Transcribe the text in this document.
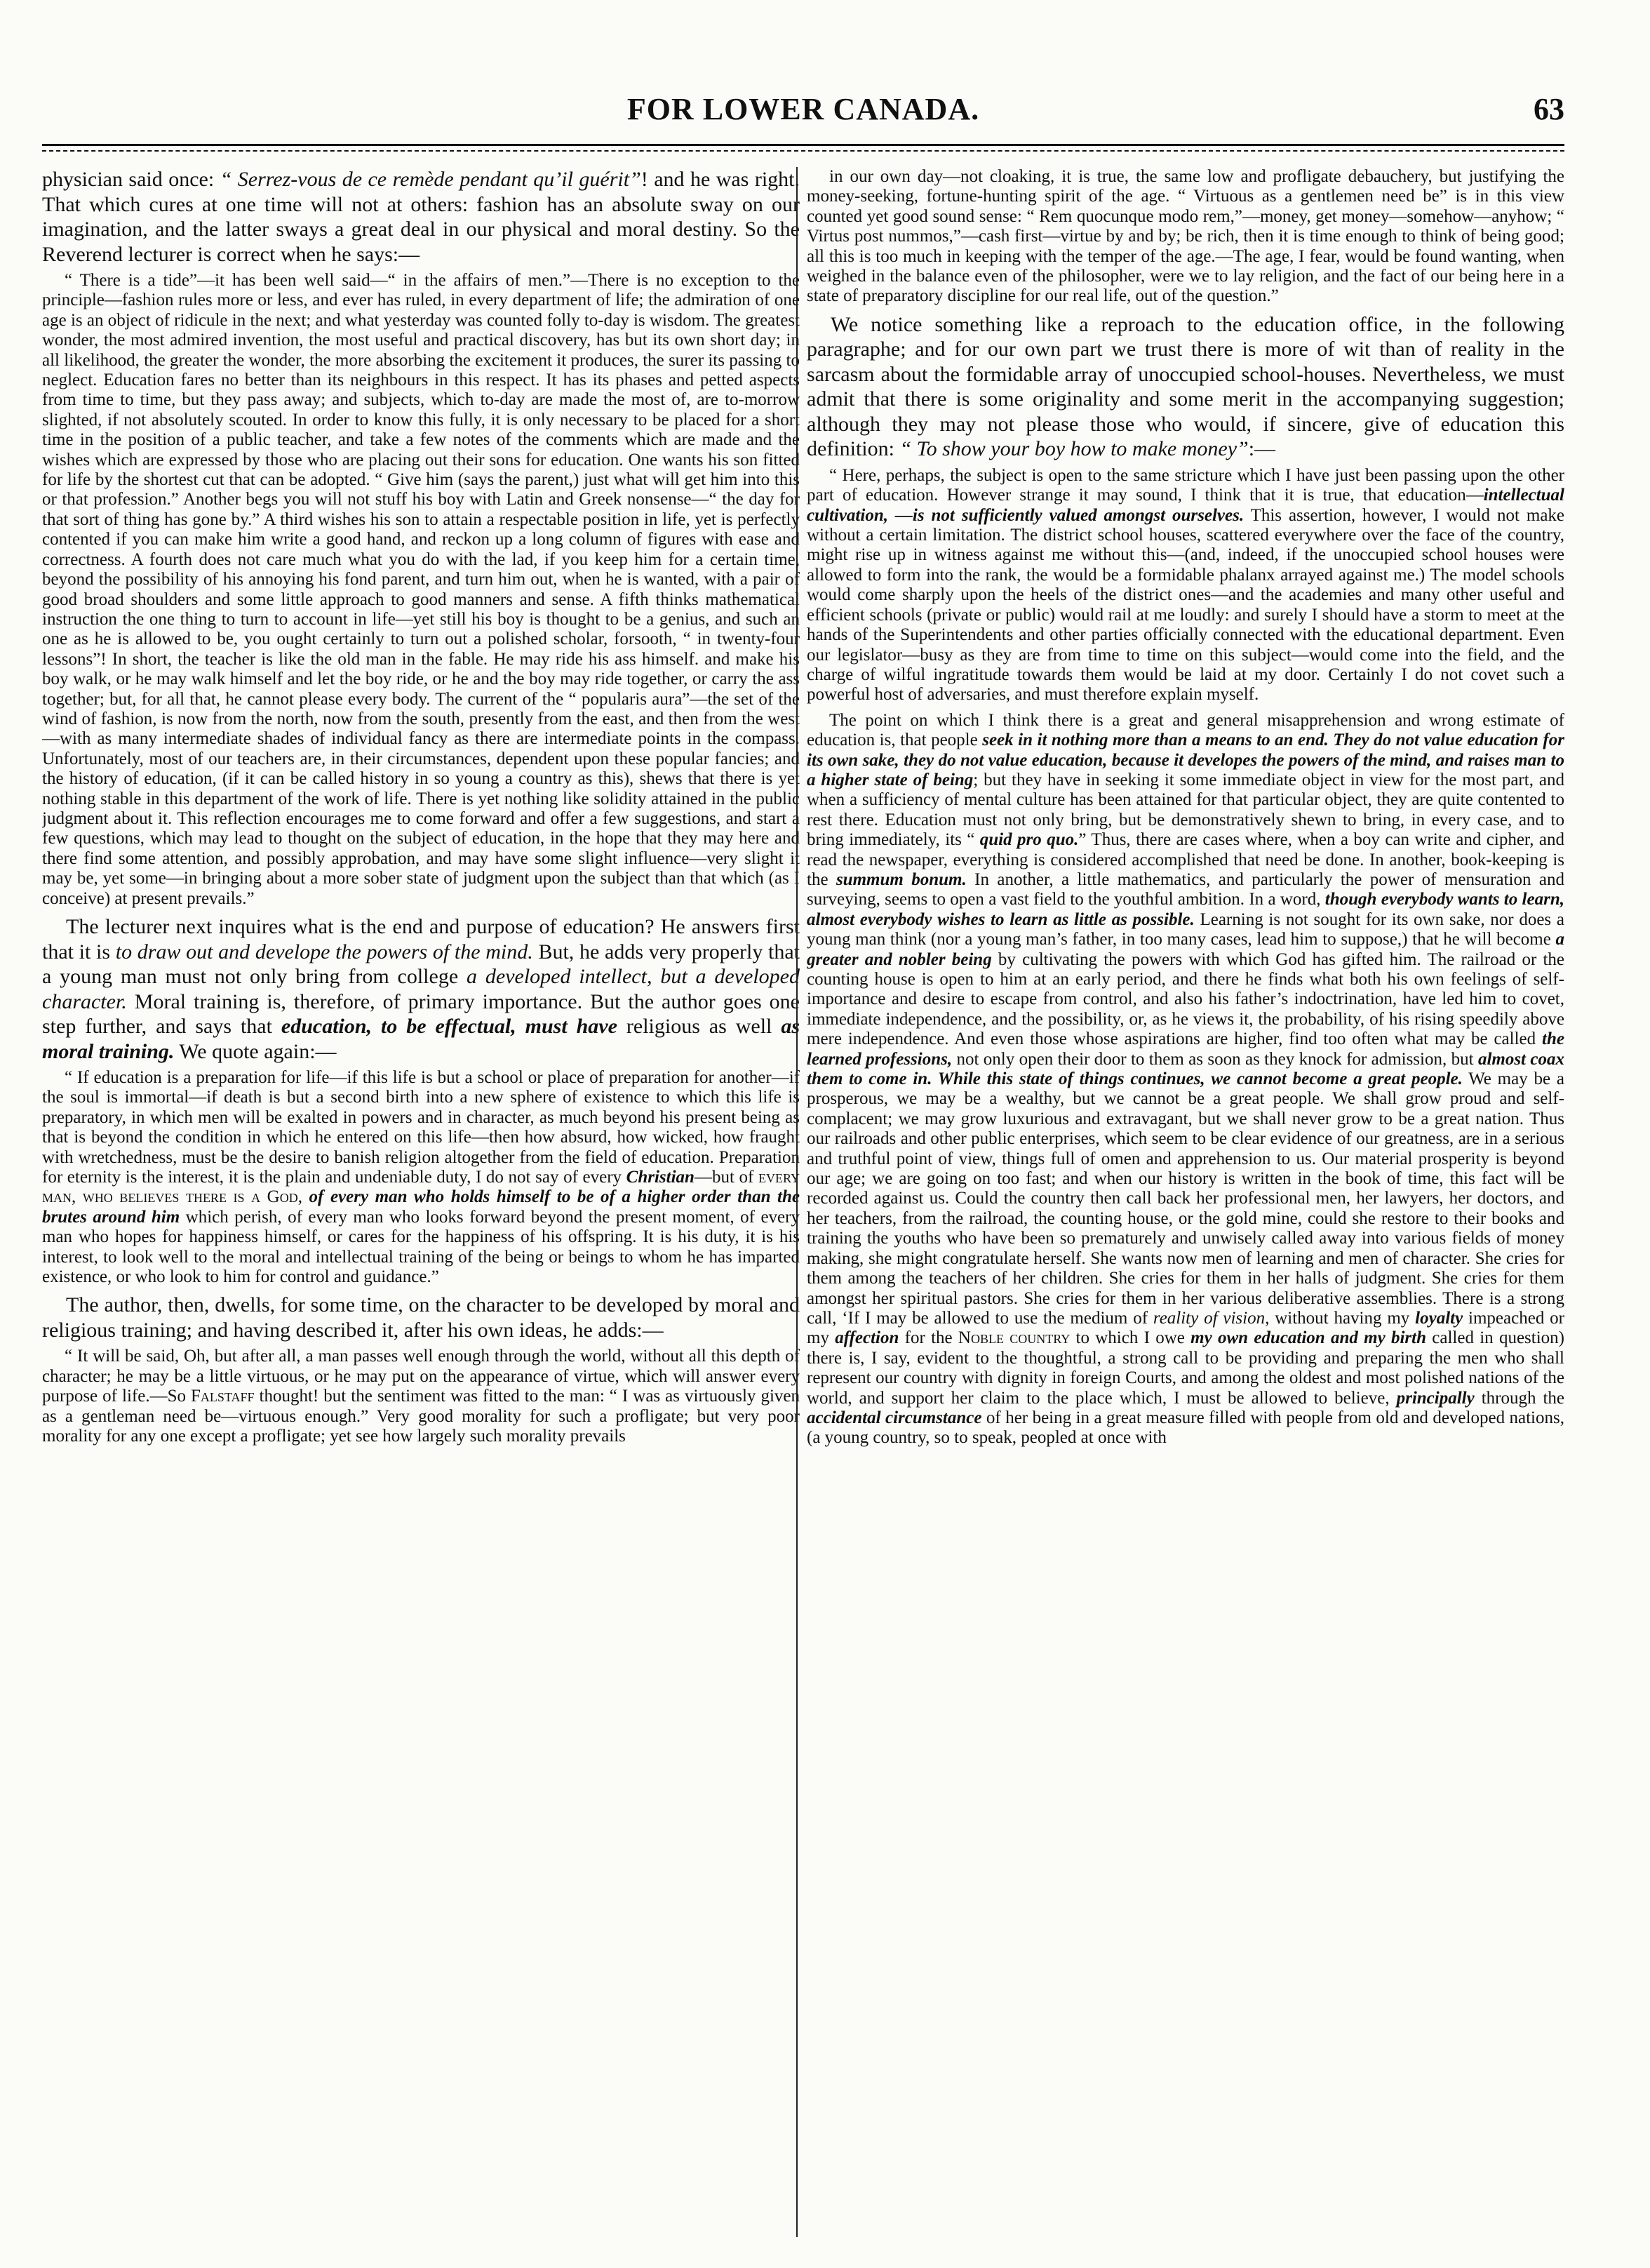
FOR LOWER CANADA.	63

physician said once: “ Serrez-vous de ce remède pendant qu’il guérit”! and he was right. That which cures at one time will not at others: fashion has an absolute sway on our imagination, and the latter sways a great deal in our physical and moral destiny. So the Reverend lecturer is correct when he says:—

“ There is a tide”—it has been well said—“ in the affairs of men.”—There is no exception to the principle—fashion rules more or less, and ever has ruled, in every department of life; the admiration of one age is an object of ridicule in the next; and what yesterday was counted folly to-day is wisdom. The greatest wonder, the most admired invention, the most useful and practical discovery, has but its own short day; in all likelihood, the greater the wonder, the more absorbing the excitement it produces, the surer its passing to neglect. Education fares no better than its neighbours in this respect. It has its phases and petted aspects from time to time, but they pass away; and subjects, which to-day are made the most of, are to-morrow slighted, if not absolutely scouted. In order to know this fully, it is only necessary to be placed for a short time in the position of a public teacher, and take a few notes of the comments which are made and the wishes which are expressed by those who are placing out their sons for education. One wants his son fitted for life by the shortest cut that can be adopted. “ Give him (says the parent,) just what will get him into this or that profession.” Another begs you will not stuff his boy with Latin and Greek nonsense—“ the day for that sort of thing has gone by.” A third wishes his son to attain a respectable position in life, yet is perfectly contented if you can make him write a good hand, and reckon up a long column of figures with ease and correctness. A fourth does not care much what you do with the lad, if you keep him for a certain time, beyond the possibility of his annoying his fond parent, and turn him out, when he is wanted, with a pair of good broad shoulders and some little approach to good manners and sense. A fifth thinks mathematical instruction the one thing to turn to account in life—yet still his boy is thought to be a genius, and such an one as he is allowed to be, you ought certainly to turn out a polished scholar, forsooth, “ in twenty-four lessons”! In short, the teacher is like the old man in the fable. He may ride his ass himself. and make his boy walk, or he may walk himself and let the boy ride, or he and the boy may ride together, or carry the ass together; but, for all that, he cannot please every body. The current of the “ popularis aura”—the set of the wind of fashion, is now from the north, now from the south, presently from the east, and then from the west—with as many intermediate shades of individual fancy as there are intermediate points in the compass. Unfortunately, most of our teachers are, in their circumstances, dependent upon these popular fancies; and the history of education, (if it can be called history in so young a country as this), shews that there is yet nothing stable in this department of the work of life. There is yet nothing like solidity attained in the public judgment about it. This reflection encourages me to come forward and offer a few suggestions, and start a few questions, which may lead to thought on the subject of education, in the hope that they may here and there find some attention, and possibly approbation, and may have some slight influence—very slight it may be, yet some—in bringing about a more sober state of judgment upon the subject than that which (as I conceive) at present prevails.”

The lecturer next inquires what is the end and purpose of education? He answers first that it is to draw out and develope the powers of the mind. But, he adds very properly that a young man must not only bring from college a developed intellect, but a developed character. Moral training is, therefore, of primary importance. But the author goes one step further, and says that education, to be effectual, must have religious as well as moral training. We quote again:—

“ If education is a preparation for life—if this life is but a school or place of preparation for another—if the soul is immortal—if death is but a second birth into a new sphere of existence to which this life is preparatory, in which men will be exalted in powers and in character, as much beyond his present being as that is beyond the condition in which he entered on this life—then how absurd, how wicked, how fraught with wretchedness, must be the desire to banish religion altogether from the field of education. Preparation for eternity is the interest, it is the plain and undeniable duty, I do not say of every Christian—but of every man, who believes there is a God, of every man who holds himself to be of a higher order than the brutes around him which perish, of every man who looks forward beyond the present moment, of every man who hopes for happiness himself, or cares for the happiness of his offspring. It is his duty, it is his interest, to look well to the moral and intellectual training of the being or beings to whom he has imparted existence, or who look to him for control and guidance.”

The author, then, dwells, for some time, on the character to be developed by moral and religious training; and having described it, after his own ideas, he adds:—

“ It will be said, Oh, but after all, a man passes well enough through the world, without all this depth of character; he may be a little virtuous, or he may put on the appearance of virtue, which will answer every purpose of life.—So Falstaff thought! but the sentiment was fitted to the man: “ I was as virtuously given as a gentleman need be—virtuous enough.” Very good morality for such a profligate; but very poor morality for any one except a profligate; yet see how largely such morality prevails

in our own day—not cloaking, it is true, the same low and profligate debauchery, but justifying the money-seeking, fortune-hunting spirit of the age. “ Virtuous as a gentlemen need be” is in this view counted yet good sound sense: “ Rem quocunque modo rem,”—money, get money—somehow—anyhow; “ Virtus post nummos,”—cash first—virtue by and by; be rich, then it is time enough to think of being good; all this is too much in keeping with the temper of the age.—The age, I fear, would be found wanting, when weighed in the balance even of the philosopher, were we to lay religion, and the fact of our being here in a state of preparatory discipline for our real life, out of the question.”

We notice something like a reproach to the education office, in the following paragraphe; and for our own part we trust there is more of wit than of reality in the sarcasm about the formidable array of unoccupied school-houses. Nevertheless, we must admit that there is some originality and some merit in the accompanying suggestion; although they may not please those who would, if sincere, give of education this definition: “ To show your boy how to make money”:—

“ Here, perhaps, the subject is open to the same stricture which I have just been passing upon the other part of education. However strange it may sound, I think that it is true, that education—intellectual cultivation, —is not sufficiently valued amongst ourselves. This assertion, however, I would not make without a certain limitation. The district school houses, scattered everywhere over the face of the country, might rise up in witness against me without this—(and, indeed, if the unoccupied school houses were allowed to form into the rank, the would be a formidable phalanx arrayed against me.) The model schools would come sharply upon the heels of the district ones—and the academies and many other useful and efficient schools (private or public) would rail at me loudly: and surely I should have a storm to meet at the hands of the Superintendents and other parties officially connected with the educational department. Even our legislator—busy as they are from time to time on this subject—would come into the field, and the charge of wilful ingratitude towards them would be laid at my door. Certainly I do not covet such a powerful host of adversaries, and must therefore explain myself.

The point on which I think there is a great and general misapprehension and wrong estimate of education is, that people seek in it nothing more than a means to an end. They do not value education for its own sake, they do not value education, because it developes the powers of the mind, and raises man to a higher state of being; but they have in seeking it some immediate object in view for the most part, and when a sufficiency of mental culture has been attained for that particular object, they are quite contented to rest there. Education must not only bring, but be demonstratively shewn to bring, in every case, and to bring immediately, its “ quid pro quo.” Thus, there are cases where, when a boy can write and cipher, and read the newspaper, everything is considered accomplished that need be done. In another, book-keeping is the summum bonum. In another, a little mathematics, and particularly the power of mensuration and surveying, seems to open a vast field to the youthful ambition. In a word, though everybody wants to learn, almost everybody wishes to learn as little as possible. Learning is not sought for its own sake, nor does a young man think (nor a young man’s father, in too many cases, lead him to suppose,) that he will become a greater and nobler being by cultivating the powers with which God has gifted him. The railroad or the counting house is open to him at an early period, and there he finds what both his own feelings of self-importance and desire to escape from control, and also his father’s indoctrination, have led him to covet, immediate independence, and the possibility, or, as he views it, the probability, of his rising speedily above mere independence. And even those whose aspirations are higher, find too often what may be called the learned professions, not only open their door to them as soon as they knock for admission, but almost coax them to come in. While this state of things continues, we cannot become a great people. We may be a prosperous, we may be a wealthy, but we cannot be a great people. We shall grow proud and self-complacent; we may grow luxurious and extravagant, but we shall never grow to be a great nation. Thus our railroads and other public enterprises, which seem to be clear evidence of our greatness, are in a serious and truthful point of view, things full of omen and apprehension to us. Our material prosperity is beyond our age; we are going on too fast; and when our history is written in the book of time, this fact will be recorded against us. Could the country then call back her professional men, her lawyers, her doctors, and her teachers, from the railroad, the counting house, or the gold mine, could she restore to their books and training the youths who have been so prematurely and unwisely called away into various fields of money making, she might congratulate herself. She wants now men of learning and men of character. She cries for them among the teachers of her children. She cries for them in her halls of judgment. She cries for them amongst her spiritual pastors. She cries for them in her various deliberative assemblies. There is a strong call, ‘If I may be allowed to use the medium of reality of vision, without having my loyalty impeached or my affection for the Noble country to which I owe my own education and my birth called in question) there is, I say, evident to the thoughtful, a strong call to be providing and preparing the men who shall represent our country with dignity in foreign Courts, and among the oldest and most polished nations of the world, and support her claim to the place which, I must be allowed to believe, principally through the accidental circumstance of her being in a great measure filled with people from old and developed nations, (a young country, so to speak, peopled at once with
